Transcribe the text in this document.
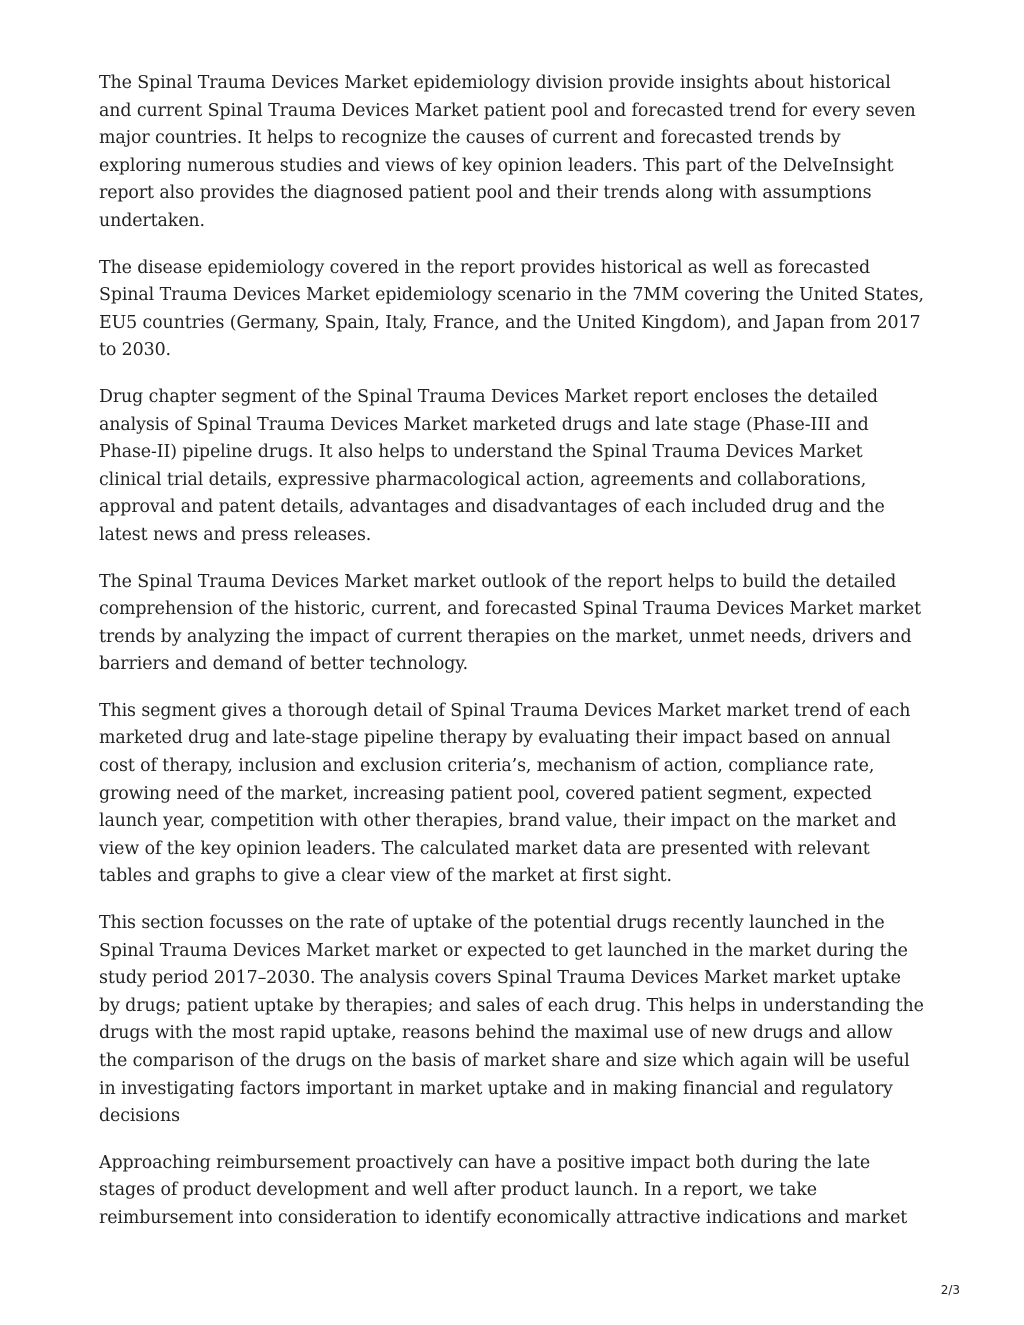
The Spinal Trauma Devices Market epidemiology division provide insights about historical and current Spinal Trauma Devices Market patient pool and forecasted trend for every seven major countries. It helps to recognize the causes of current and forecasted trends by exploring numerous studies and views of key opinion leaders. This part of the DelveInsight report also provides the diagnosed patient pool and their trends along with assumptions undertaken.

The disease epidemiology covered in the report provides historical as well as forecasted Spinal Trauma Devices Market epidemiology scenario in the 7MM covering the United States, EU5 countries (Germany, Spain, Italy, France, and the United Kingdom), and Japan from 2017 to 2030.

Drug chapter segment of the Spinal Trauma Devices Market report encloses the detailed analysis of Spinal Trauma Devices Market marketed drugs and late stage (Phase-III and Phase-II) pipeline drugs. It also helps to understand the Spinal Trauma Devices Market clinical trial details, expressive pharmacological action, agreements and collaborations, approval and patent details, advantages and disadvantages of each included drug and the latest news and press releases.

The Spinal Trauma Devices Market market outlook of the report helps to build the detailed comprehension of the historic, current, and forecasted Spinal Trauma Devices Market market trends by analyzing the impact of current therapies on the market, unmet needs, drivers and barriers and demand of better technology.

This segment gives a thorough detail of Spinal Trauma Devices Market market trend of each marketed drug and late-stage pipeline therapy by evaluating their impact based on annual cost of therapy, inclusion and exclusion criteria’s, mechanism of action, compliance rate, growing need of the market, increasing patient pool, covered patient segment, expected launch year, competition with other therapies, brand value, their impact on the market and view of the key opinion leaders. The calculated market data are presented with relevant tables and graphs to give a clear view of the market at first sight.

This section focusses on the rate of uptake of the potential drugs recently launched in the Spinal Trauma Devices Market market or expected to get launched in the market during the study period 2017–2030. The analysis covers Spinal Trauma Devices Market market uptake by drugs; patient uptake by therapies; and sales of each drug. This helps in understanding the drugs with the most rapid uptake, reasons behind the maximal use of new drugs and allow the comparison of the drugs on the basis of market share and size which again will be useful in investigating factors important in market uptake and in making financial and regulatory decisions

Approaching reimbursement proactively can have a positive impact both during the late stages of product development and well after product launch. In a report, we take reimbursement into consideration to identify economically attractive indications and market

2/3
